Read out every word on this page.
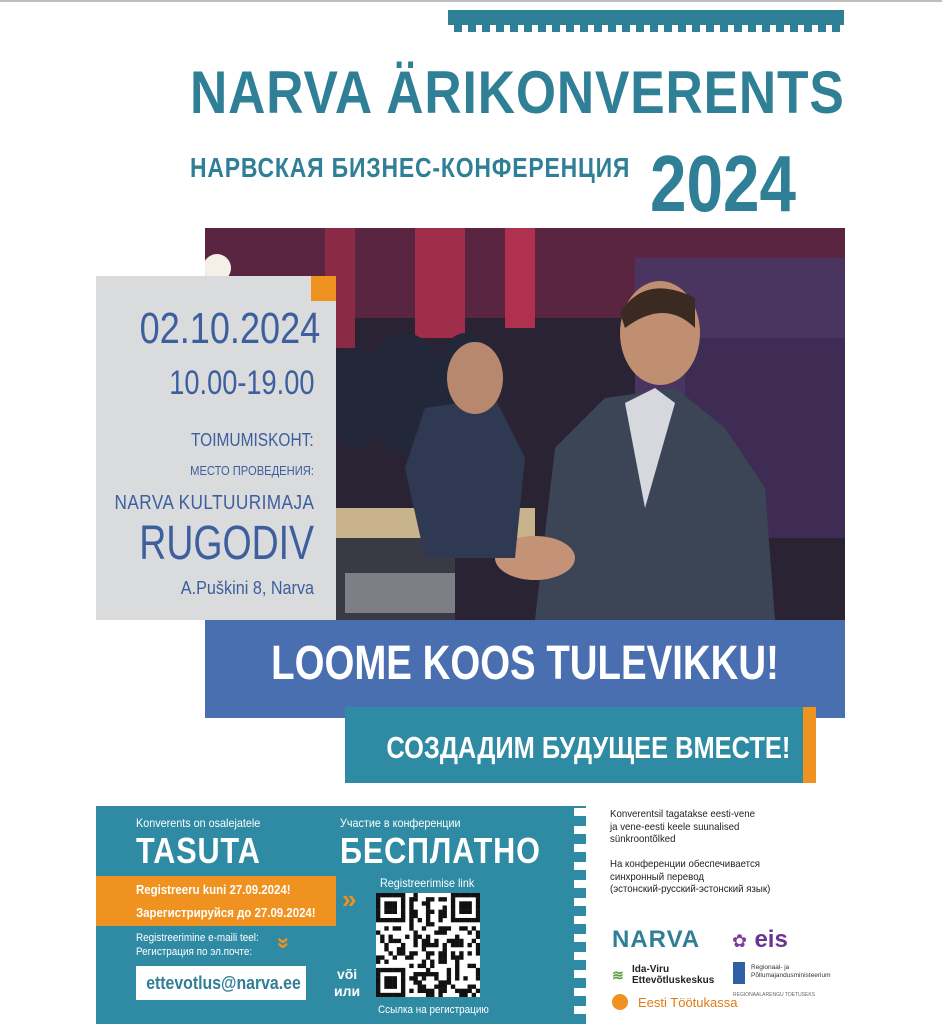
NARVA ÄRIKONVERENTS
НАРВСКАЯ БИЗНЕС-КОНФЕРЕНЦИЯ 2024
02.10.2024
10.00-19.00
TOIMUMISKOHT:
МЕСТО ПРОВЕДЕНИЯ:
NARVA KULTUURIMAJA
RUGODIV
A.Puškini 8, Narva
LOOME KOOS TULEVIKKU!
СОЗДАДИМ БУДУЩЕЕ ВМЕСТЕ!
Konverents on osalejatele
TASUTA
Участие в конференции
БЕСПЛАТНО
Registreeru kuni 27.09.2024!
Зарегистрируйся до 27.09.2024! »
Registreerimise link
Registreerimine e-maili teel:
Регистрация по эл.почте:
»
ettevotlus@narva.ee	või
или
Ссылка на регистрацию
Konverentsil tagatakse eesti-vene
ja vene-eesti keele suunalised
sünkroontõlked
На конференции обеспечивается
синхронный перевод
(эстонский-русский-эстонский язык)
NARVA ✿ eis
≋ Ida-Viru
Ettevõtluskeskus
Regionaal- ja
Põllumajandusministeerium
REGIONAALARENGU TOETUSEKS
Eesti Töötukassa
